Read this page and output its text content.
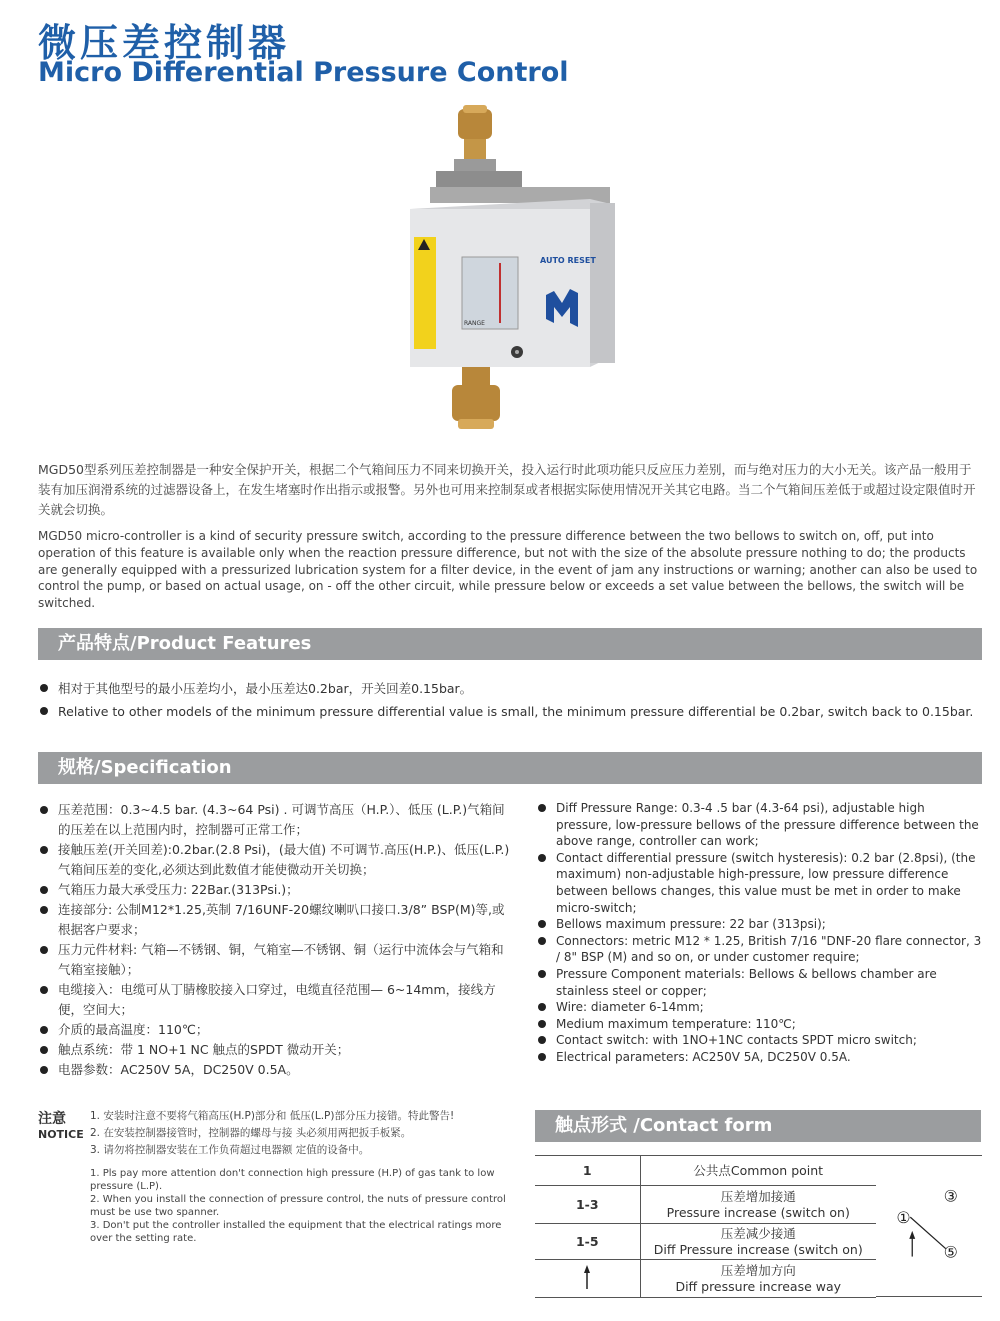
微压差控制器
Micro Differential Pressure Control
RANGE
AUTO RESET
MGD50型系列压差控制器是一种安全保护开关，根据二个气箱间压力不同来切换开关，投入运行时此项功能只反应压力差别，而与绝对压力的大小无关。该产品一般用于装有加压润滑系统的过滤器设备上，在发生堵塞时作出指示或报警。另外也可用来控制泵或者根据实际使用情况开关其它电路。当二个气箱间压差低于或超过设定限值时开关就会切换。
MGD50 micro-controller is a kind of security pressure switch, according to the pressure difference between the two bellows to switch on, off, put into operation of this feature is available only when the reaction pressure difference, but not with the size of the absolute pressure nothing to do; the products are generally equipped with a pressurized lubrication system for a filter device, in the event of jam any instructions or warning; another can also be used to control the pump, or based on actual usage, on - off the other circuit, while pressure below or exceeds a set value between the bellows, the switch will be switched.
产品特点/Product Features
相对于其他型号的最小压差均小，最小压差达0.2bar，开关回差0.15bar。
Relative to other models of the minimum pressure differential value is small, the minimum pressure differential be 0.2bar, switch back to 0.15bar.
规格/Specification
压差范围：0.3~4.5 bar. (4.3~64 Psi) . 可调节高压（H.P.）、低压 (L.P.)气箱间的压差在以上范围内时，控制器可正常工作；
接触压差(开关回差):0.2bar.(2.8 Psi)，(最大值) 不可调节.高压(H.P.)、低压(L.P.)气箱间压差的变化,必须达到此数值才能使微动开关切换；
气箱压力最大承受压力: 22Bar.(313Psi.)；
连接部分: 公制M12*1.25,英制 7/16UNF-20螺纹喇叭口接口.3/8” BSP(M)等,或根据客户要求；
压力元件材料: 气箱—不锈钢、铜，气箱室—不锈钢、铜（运行中流体会与气箱和气箱室接触）；
电缆接入：电缆可从丁腈橡胶接入口穿过，电缆直径范围— 6~14mm，接线方便，空间大；
介质的最高温度：110℃；
触点系统：带 1 NO+1 NC 触点的SPDT 微动开关；
电器参数：AC250V 5A，DC250V 0.5A。
Diff Pressure Range: 0.3-4 .5 bar (4.3-64 psi), adjustable high pressure, low-pressure bellows of the pressure difference between the above range, controller can work;
Contact differential pressure (switch hysteresis): 0.2 bar (2.8psi), (the maximum) non-adjustable high-pressure, low pressure difference between bellows changes, this value must be met in order to make micro-switch;
Bellows maximum pressure: 22 bar (313psi);
Connectors: metric M12 * 1.25, British 7/16 "DNF-20 flare connector, 3 / 8" BSP (M) and so on, or under customer require;
Pressure Component materials: Bellows & bellows chamber are stainless steel or copper;
Wire: diameter 6-14mm;
Medium maximum temperature: 110℃;
Contact switch: with 1NO+1NC contacts SPDT micro switch;
Electrical parameters: AC250V 5A, DC250V 0.5A.
注意
NOTICE
1. 安装时注意不要将气箱高压(H.P)部分和 低压(L.P)部分压力接错。特此警告!
2. 在安装控制器接管时，控制器的螺母与接 头必须用两把扳手板紧。
3. 请勿将控制器安装在工作负荷超过电器额 定值的设备中。
1. Pls pay more attention don't connection high pressure (H.P) of gas tank to low pressure (L.P).
2. When you install the connection of pressure control, the nuts of pressure control must be use two spanner.
3. Don't put the controller installed the equipment that the electrical ratings more over the setting rate.
触点形式 /Contact form
1	公共点Common point

1-3	压差增加接通
Pressure increase (switch on)

1-5	压差减少接通
Diff Pressure increase (switch on)

压差增加方向
Diff pressure increase way
③
①
⑤
